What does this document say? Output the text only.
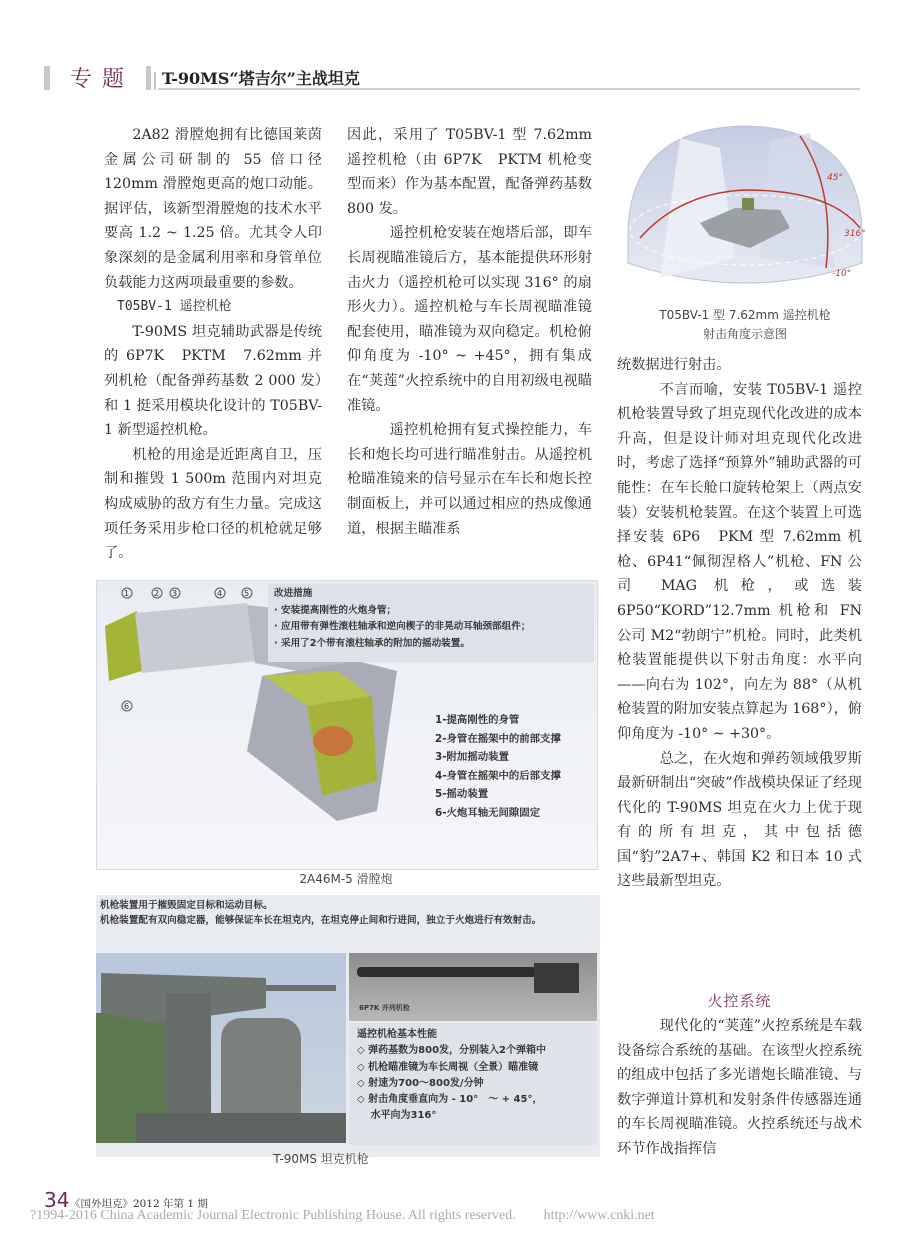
专题 T-90MS“塔吉尔”主战坦克

2A82 滑膛炮拥有比德国莱茵金属公司研制的 55 倍口径 120mm 滑膛炮更高的炮口动能。据评估，该新型滑膛炮的技术水平要高 1.2 ~ 1.25 倍。尤其令人印象深刻的是金属利用率和身管单位负载能力这两项最重要的参数。

T05BV-1 遥控机枪

T-90MS 坦克辅助武器是传统的 6P7K　PKTM　7.62mm 并列机枪（配备弹药基数 2 000 发）和 1 挺采用模块化设计的 T05BV-1 新型遥控机枪。

机枪的用途是近距离自卫，压制和摧毁 1 500m 范围内对坦克构成威胁的敌方有生力量。完成这项任务采用步枪口径的机枪就足够了。

因此，采用了 T05BV-1 型 7.62mm 遥控机枪（由 6P7K　PKTM 机枪变型而来）作为基本配置，配备弹药基数 800 发。

遥控机枪安装在炮塔后部，即车长周视瞄准镜后方，基本能提供环形射击火力（遥控机枪可以实现 316° 的扇形火力）。遥控机枪与车长周视瞄准镜配套使用，瞄准镜为双向稳定。机枪俯仰角度为 -10° ~ +45°，拥有集成在“荚莲”火控系统中的自用初级电视瞄准镜。

遥控机枪拥有复式操控能力，车长和炮长均可进行瞄准射击。从遥控机枪瞄准镜来的信号显示在车长和炮长控制面板上，并可以通过相应的热成像通道，根据主瞄准系

45°
316°
-10°
T05BV-1 型 7.62mm 遥控机枪
射击角度示意图

统数据进行射击。

不言而喻，安装 T05BV-1 遥控机枪装置导致了坦克现代化改进的成本升高，但是设计师对坦克现代化改进时，考虑了选择“预算外”辅助武器的可能性：在车长舱口旋转枪架上（两点安装）安装机枪装置。在这个装置上可选择安装 6P6　PKM 型 7.62mm 机枪、6P41“佩彻涅格人”机枪、FN 公司 MAG 机枪，或选装 6P50“KORD”12.7mm 机枪和 FN 公司 M2“勃朗宁”机枪。同时，此类机枪装置能提供以下射击角度：水平向——向右为 102°，向左为 88°（从机枪装置的附加安装点算起为 168°），俯仰角度为 -10° ~ +30°。

总之，在火炮和弹药领域俄罗斯最新研制出“突破”作战模块保证了经现代化的 T-90MS 坦克在火力上优于现有的所有坦克，其中包括德国“豹”2A7+、韩国 K2 和日本 10 式这些最新型坦克。

1	2 3	4	5
6
改进措施
· 安装提高刚性的火炮身管；
· 应用带有弹性滚柱轴承和逆向楔子的非晃动耳轴颈部组件；
· 采用了2个带有滚柱轴承的附加的摇动装置。
1-提高刚性的身管
2-身管在摇架中的前部支撑
3-附加摇动装置
4-身管在摇架中的后部支撑
5-摇动装置
6-火炮耳轴无间隙固定
2A46M-5 滑膛炮
机枪装置用于摧毁固定目标和运动目标。
机枪装置配有双向稳定器，能够保证车长在坦克内，在坦克停止间和行进间，独立于火炮进行有效射击。
6P7K 并列机枪
遥控机枪基本性能
◇ 弹药基数为800发，分别装入2个弹箱中
◇ 机枪瞄准镜为车长周视（全景）瞄准镜
◇ 射速为700～800发/分钟
◇ 射击角度垂直向为 - 10°　～ + 45°，
　 水平向为316°
T-90MS 坦克机枪
火控系统

现代化的“荚莲”火控系统是车载设备综合系统的基础。在该型火控系统的组成中包括了多光谱炮长瞄准镜、与数字弹道计算机和发射条件传感器连通的车长周视瞄准镜。火控系统还与战术环节作战指挥信

34 《国外坦克》2012 年第 1 期
?1994-2016 China Academic Journal Electronic Publishing House. All rights reserved.　　http://www.cnki.net
